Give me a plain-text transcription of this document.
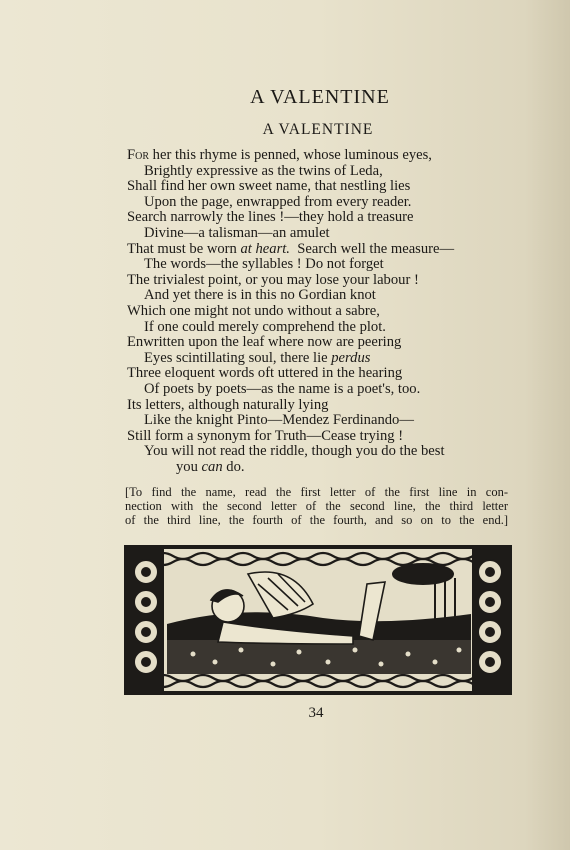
A VALENTINE
A VALENTINE
For her this rhyme is penned, whose luminous eyes,
Brightly expressive as the twins of Leda,
Shall find her own sweet name, that nestling lies
Upon the page, enwrapped from every reader.
Search narrowly the lines !—they hold a treasure
Divine—a talisman—an amulet
That must be worn at heart.  Search well the measure—
The words—the syllables ! Do not forget
The trivialest point, or you may lose your labour !
And yet there is in this no Gordian knot
Which one might not undo without a sabre,
If one could merely comprehend the plot.
Enwritten upon the leaf where now are peering
Eyes scintillating soul, there lie perdus
Three eloquent words oft uttered in the hearing
Of poets by poets—as the name is a poet's, too.
Its letters, although naturally lying
Like the knight Pinto—Mendez Ferdinando—
Still form a synonym for Truth—Cease trying !
You will not read the riddle, though you do the best
you can do.
[To find the name, read the first letter of the first line in con-
nection with the second letter of the second line, the third letter
of the third line, the fourth of the fourth, and so on to the end.]
34
